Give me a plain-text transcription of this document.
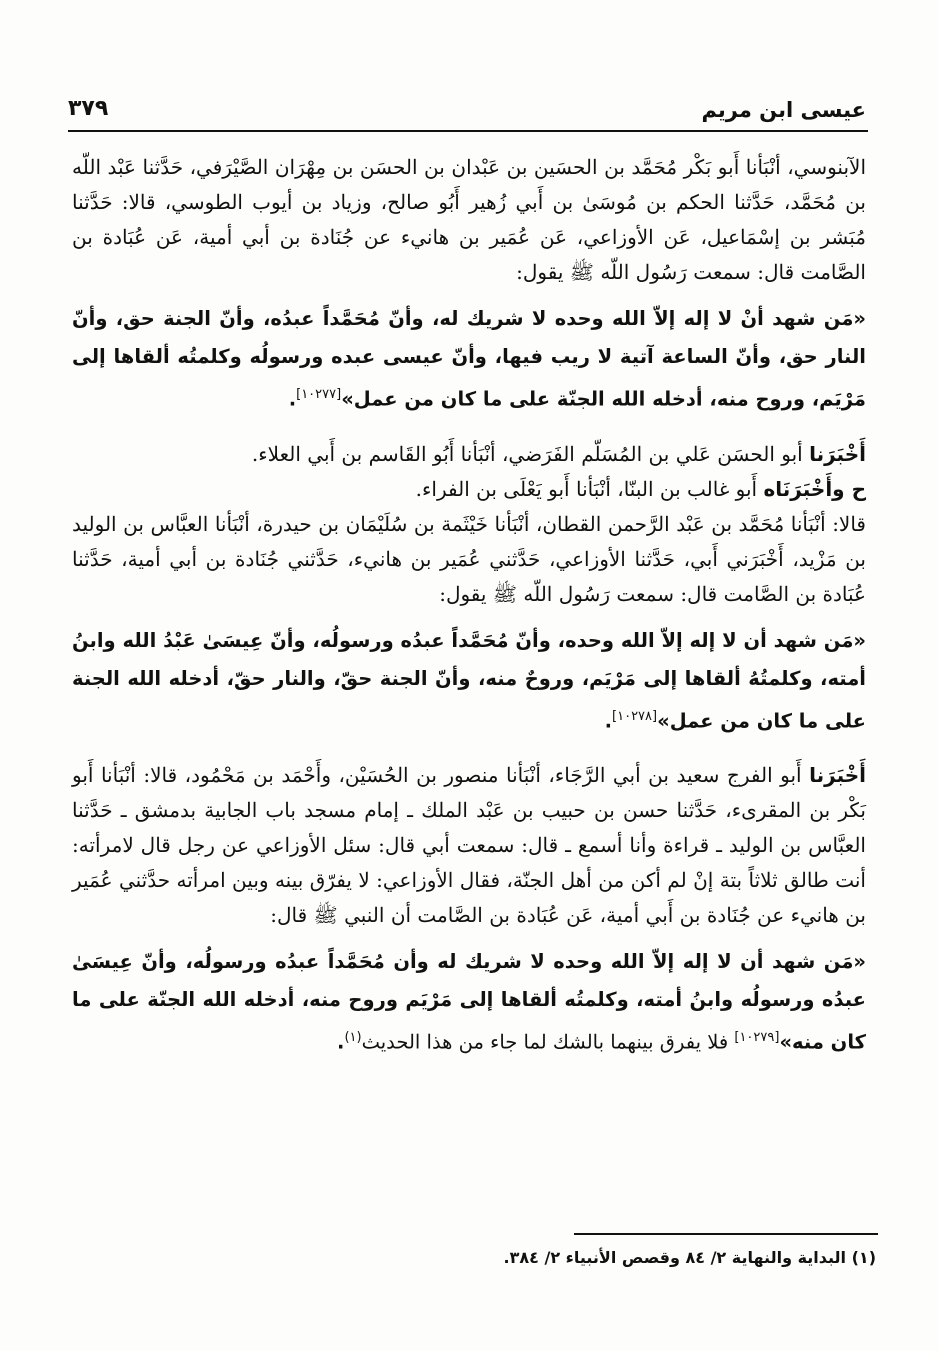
عيسى ابن مريم
٣٧٩

الآبنوسي، أنْبَأنا أَبو بَكْر مُحَمَّد بن الحسَين بن عَبْدان بن الحسَن بن مِهْرَان الصَّيْرَفي، حَدَّثنا عَبْد اللّه بن مُحَمَّد، حَدَّثنا الحكم بن مُوسَىٰ بن أَبي زُهير أَبُو صالح، وزياد بن أيوب الطوسي، قالا: حَدَّثنا مُبَشر بن إسْمَاعيل، عَن الأوزاعي، عَن عُمَير بن هانيء عن جُنَادة بن أبي أمية، عَن عُبَادة بن الصَّامت قال: سمعت رَسُول اللّه ﷺ يقول:

«مَن شهد أنْ لا إله إلاّ الله وحده لا شريك له، وأنّ مُحَمَّداً عبدُه، وأنّ الجنة حق، وأنّ النار حق، وأنّ الساعة آتية لا ريب فيها، وأنّ عيسى عبده ورسولُه وكلمتُه ألقاها إلى مَرْيَم، وروح منه، أدخله الله الجنّة على ما كان من عمل»[١٠٢٧٧].

أَخْبَرَنا أبو الحسَن عَلي بن المُسَلّم الفَرَضي، أنْبَأنا أَبُو القَاسم بن أَبي العلاء.

ح وأَخْبَرَنَاه أَبو غالب بن البنّا، أنْبَأنا أَبو يَعْلَى بن الفراء.

قالا: أنْبَأنا مُحَمَّد بن عَبْد الرَّحمن القطان، أنْبَأنا خَيْثَمة بن سُلَيْمَان بن حيدرة، أنْبَأنا العبَّاس بن الوليد بن مَزْيد، أَخْبَرَني أَبي، حَدَّثنا الأوزاعي، حَدَّثني عُمَير بن هانيء، حَدَّثني جُنَادة بن أبي أمية، حَدَّثنا عُبَادة بن الصَّامت قال: سمعت رَسُول اللّه ﷺ يقول:

«مَن شهد أن لا إله إلاّ الله وحده، وأنّ مُحَمَّداً عبدُه ورسولُه، وأنّ عِيسَىٰ عَبْدُ الله وابنُ أمته، وكلمتُهُ ألقاها إلى مَرْيَم، وروحٌ منه، وأنّ الجنة حقّ، والنار حقّ، أدخله الله الجنة على ما كان من عمل»[١٠٢٧٨].

أَخْبَرَنا أَبو الفرج سعيد بن أبي الرَّجَاء، أنْبَأنا منصور بن الحُسَيْن، وأَحْمَد بن مَحْمُود، قالا: أنْبَأنا أَبو بَكْر بن المقرىء، حَدَّثنا حسن بن حبيب بن عَبْد الملك ـ إمام مسجد باب الجابية بدمشق ـ حَدَّثنا العبَّاس بن الوليد ـ قراءة وأنا أسمع ـ قال: سمعت أبي قال: سئل الأوزاعي عن رجل قال لامرأته: أنت طالق ثلاثاً بتة إنْ لم أكن من أهل الجنّة، فقال الأوزاعي: لا يفرّق بينه وبين امرأته حدَّثني عُمَير بن هانيء عن جُنَادة بن أَبي أمية، عَن عُبَادة بن الصَّامت أن النبي ﷺ قال:

«مَن شهد أن لا إله إلاّ الله وحده لا شريك له وأن مُحَمَّداً عبدُه ورسولُه، وأنّ عِيسَىٰ عبدُه ورسولُه وابنُ أمته، وكلمتُه ألقاها إلى مَرْيَم وروح منه، أدخله الله الجنّة على ما كان منه»[١٠٢٧٩] فلا يفرق بينهما بالشك لما جاء من هذا الحديث$^{(١)}$.

(١) البداية والنهاية ٢/ ٨٤ وقصص الأنبياء ٢/ ٣٨٤.
